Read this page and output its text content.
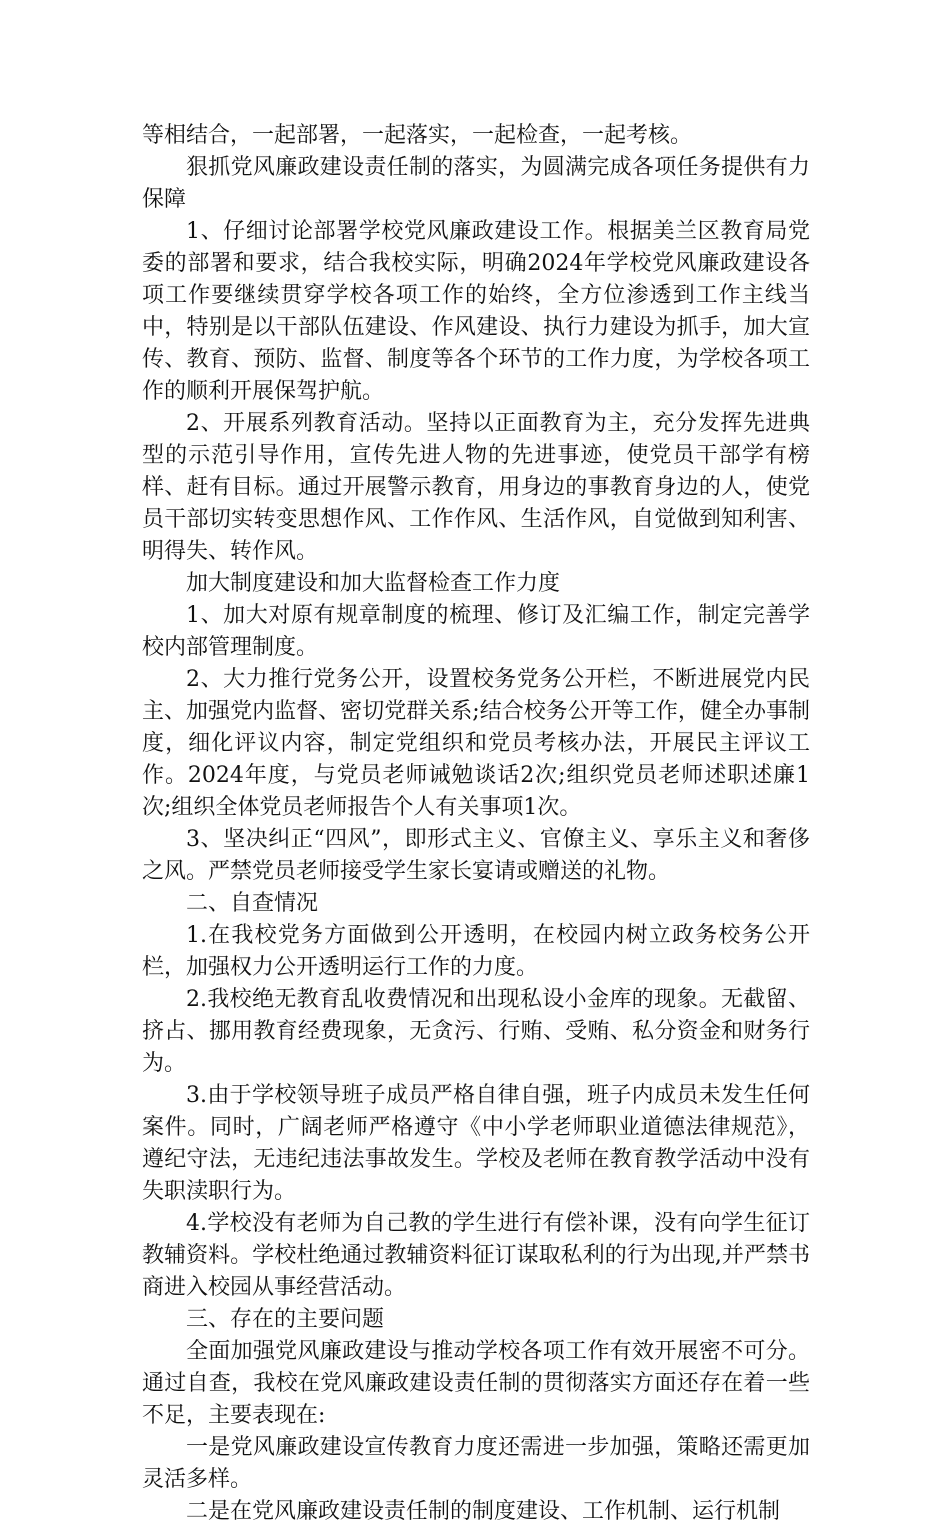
等相结合，一起部署，一起落实，一起检查，一起考核。

狠抓党风廉政建设责任制的落实，为圆满完成各项任务提供有力保障

1、仔细讨论部署学校党风廉政建设工作。根据美兰区教育局党委的部署和要求，结合我校实际，明确2024年学校党风廉政建设各项工作要继续贯穿学校各项工作的始终，全方位渗透到工作主线当中，特别是以干部队伍建设、作风建设、执行力建设为抓手，加大宣传、教育、预防、监督、制度等各个环节的工作力度，为学校各项工作的顺利开展保驾护航。

2、开展系列教育活动。坚持以正面教育为主，充分发挥先进典型的示范引导作用，宣传先进人物的先进事迹，使党员干部学有榜样、赶有目标。通过开展警示教育，用身边的事教育身边的人，使党员干部切实转变思想作风、工作作风、生活作风，自觉做到知利害、明得失、转作风。

加大制度建设和加大监督检查工作力度

1、加大对原有规章制度的梳理、修订及汇编工作，制定完善学校内部管理制度。

2、大力推行党务公开，设置校务党务公开栏，不断进展党内民主、加强党内监督、密切党群关系;结合校务公开等工作，健全办事制度，细化评议内容，制定党组织和党员考核办法，开展民主评议工作。2024年度，与党员老师诫勉谈话2次;组织党员老师述职述廉1次;组织全体党员老师报告个人有关事项1次。

3、坚决纠正“四风”，即形式主义、官僚主义、享乐主义和奢侈之风。严禁党员老师接受学生家长宴请或赠送的礼物。

二、自查情况

1.在我校党务方面做到公开透明，在校园内树立政务校务公开栏，加强权力公开透明运行工作的力度。

2.我校绝无教育乱收费情况和出现私设小金库的现象。无截留、挤占、挪用教育经费现象，无贪污、行贿、受贿、私分资金和财务行为。

3.由于学校领导班子成员严格自律自强，班子内成员未发生任何案件。同时，广阔老师严格遵守《中小学老师职业道德法律规范》，遵纪守法，无违纪违法事故发生。学校及老师在教育教学活动中没有失职渎职行为。

4.学校没有老师为自己教的学生进行有偿补课，没有向学生征订教辅资料。学校杜绝通过教辅资料征订谋取私利的行为出现,并严禁书商进入校园从事经营活动。

三、存在的主要问题

全面加强党风廉政建设与推动学校各项工作有效开展密不可分。通过自查，我校在党风廉政建设责任制的贯彻落实方面还存在着一些不足，主要表现在:

一是党风廉政建设宣传教育力度还需进一步加强，策略还需更加灵活多样。

二是在党风廉政建设责任制的制度建设、工作机制、运行机制
